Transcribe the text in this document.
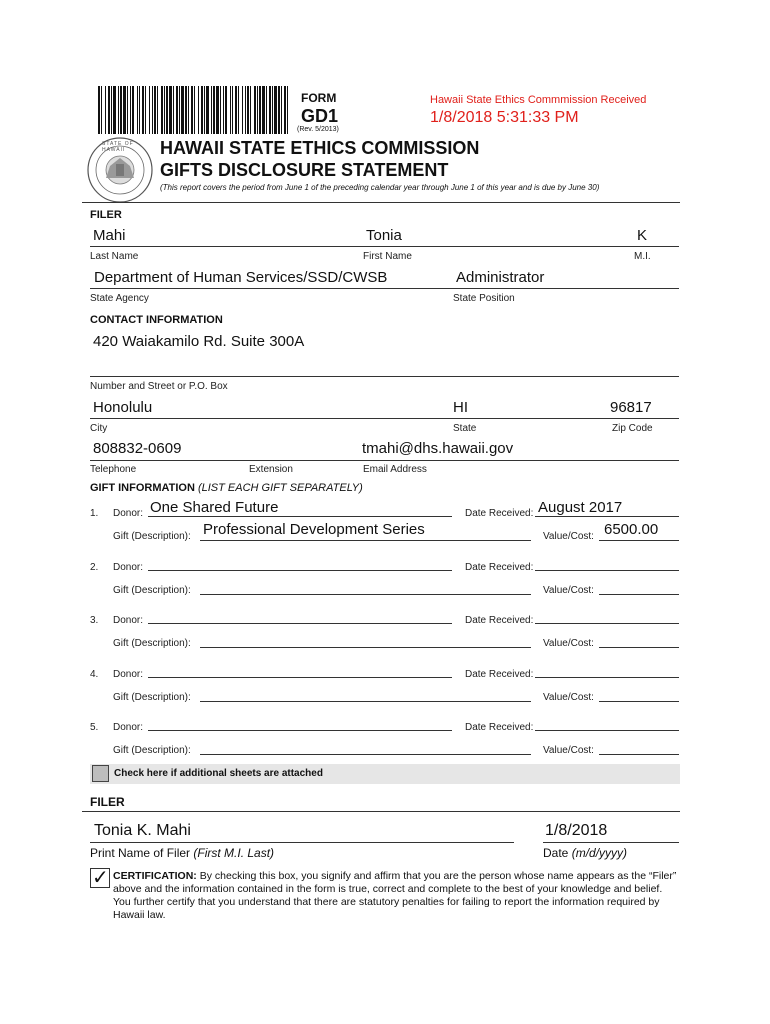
STATE OF HAWAII
FORM
GD1
(Rev. 5/2013)
Hawaii State Ethics Commmission Received
1/8/2018 5:31:33 PM
HAWAII STATE ETHICS COMMISSION
GIFTS DISCLOSURE STATEMENT
(This report covers the period from June 1 of the preceding calendar year through June 1 of this year and is due by June 30)
FILER
Mahi	Tonia	K
Last Name	First Name	M.I.
Department of Human Services/SSD/CWSB	Administrator
State Agency	State Position
CONTACT INFORMATION
420 Waiakamilo Rd. Suite 300A
Number and Street or P.O. Box
Honolulu	HI	96817
City	State	Zip Code
808832-0609	tmahi@dhs.hawaii.gov
Telephone	Extension	Email Address
GIFT INFORMATION (LIST EACH GIFT SEPARATELY)
1. Donor: One Shared Future	Date Received: August 2017
Gift (Description): Professional Development Series	Value/Cost: 6500.00
2. Donor:	Date Received:
Gift (Description):	Value/Cost:
3. Donor:	Date Received:
Gift (Description):	Value/Cost:
4. Donor:	Date Received:
Gift (Description):	Value/Cost:
5. Donor:	Date Received:
Gift (Description):	Value/Cost:
Check here if additional sheets are attached
FILER
Tonia K. Mahi	1/8/2018
Print Name of Filer (First M.I. Last)	Date (m/d/yyyy)
✓ CERTIFICATION: By checking this box, you signify and affirm that you are the person whose name appears as the “Filer” above and the information contained in the form is true, correct and complete to the best of your knowledge and belief. You further certify that you understand that there are statutory penalties for failing to report the information required by Hawaii law.
